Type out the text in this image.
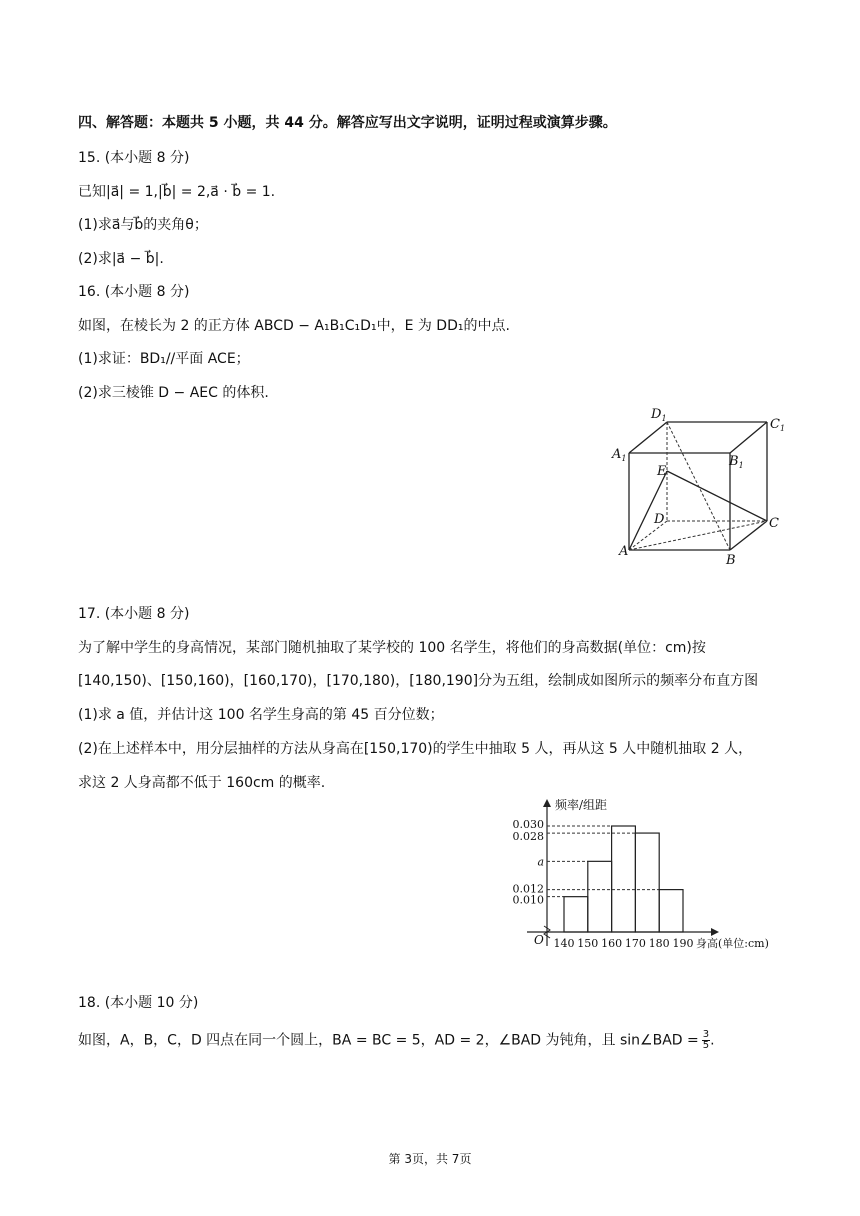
四、解答题：本题共 5 小题，共 44 分。解答应写出文字说明，证明过程或演算步骤。
15. (本小题 8 分)
已知|a⃗| = 1,|b⃗| = 2,a⃗ · b⃗ = 1.
(1)求a⃗与b⃗的夹角θ；
(2)求|a⃗ − b⃗|.
16. (本小题 8 分)
如图，在棱长为 2 的正方体 ABCD − A₁B₁C₁D₁中，E 为 DD₁的中点.
(1)求证：BD₁//平面 ACE；
(2)求三棱锥 D − AEC 的体积.
$D_1$	$C_1$
$A_1$	$B_1$
E
D	C
A
B
17. (本小题 8 分)
为了解中学生的身高情况，某部门随机抽取了某学校的 100 名学生，将他们的身高数据(单位：cm)按
[140,150)、[150,160)，[160,170)，[170,180)，[180,190]分为五组，绘制成如图所示的频率分布直方图
(1)求 a 值，并估计这 100 名学生身高的第 45 百分位数；
(2)在上述样本中，用分层抽样的方法从身高在[150,170)的学生中抽取 5 人，再从这 5 人中随机抽取 2 人，
求这 2 人身高都不低于 160cm 的概率.
0.030
0.028
a
0.012
0.010
140 150 160 170 180 190
O
频率/组距
身高(单位:cm)
18. (本小题 10 分)
如图，A，B，C，D 四点在同一个圆上，BA = BC = 5，AD = 2，∠BAD 为钝角，且 sin∠BAD = $\frac{3}{5}$ .
第 3页，共 7页
